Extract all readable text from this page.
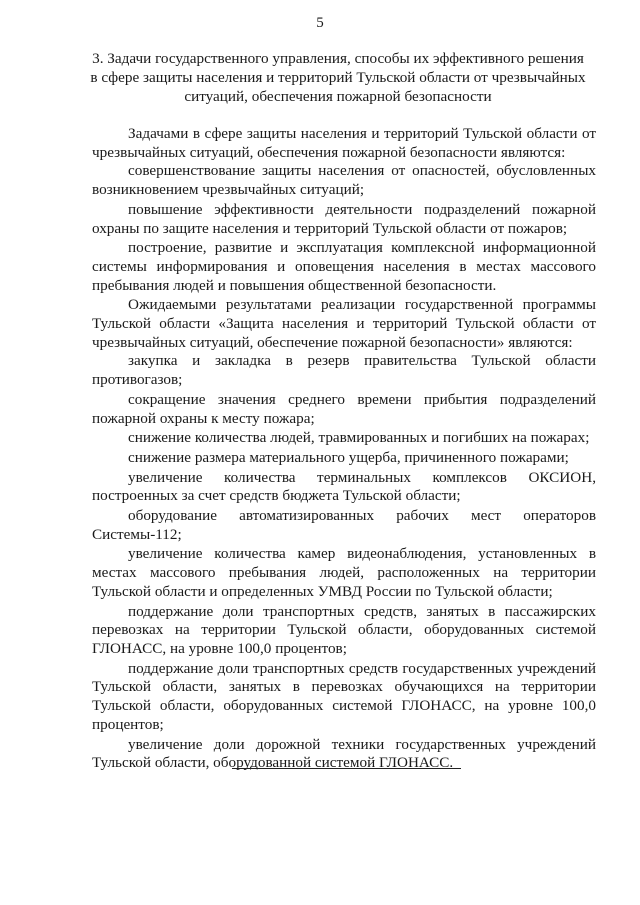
5
3. Задачи государственного управления, способы их эффективного решения в сфере защиты населения и территорий Тульской области от чрезвычайных ситуаций, обеспечения пожарной безопасности

Задачами в сфере защиты населения и территорий Тульской области от чрезвычайных ситуаций, обеспечения пожарной безопасности являются:

совершенствование защиты населения от опасностей, обусловленных возникновением чрезвычайных ситуаций;

повышение эффективности деятельности подразделений пожарной охраны по защите населения и территорий Тульской области от пожаров;

построение, развитие и эксплуатация комплексной информационной системы информирования и оповещения населения в местах массового пребывания людей и повышения общественной безопасности.

Ожидаемыми результатами реализации государственной программы Тульской области «Защита населения и территорий Тульской области от чрезвычайных ситуаций, обеспечение пожарной безопасности» являются:

закупка и закладка в резерв правительства Тульской области противогазов;

сокращение значения среднего времени прибытия подразделений пожарной охраны к месту пожара;

снижение количества людей, травмированных и погибших на пожарах;

снижение размера материального ущерба, причиненного пожарами;

увеличение количества терминальных комплексов ОКСИОН, построенных за счет средств бюджета Тульской области;

оборудование автоматизированных рабочих мест операторов Системы-112;

увеличение количества камер видеонаблюдения, установленных в местах массового пребывания людей, расположенных на территории Тульской области и определенных УМВД России по Тульской области;

поддержание доли транспортных средств, занятых в пассажирских перевозках на территории Тульской области, оборудованных системой ГЛОНАСС, на уровне 100,0 процентов;

поддержание доли транспортных средств государственных учреждений Тульской области, занятых в перевозках обучающихся на территории Тульской области, оборудованных системой ГЛОНАСС, на уровне 100,0 процентов;

увеличение доли дорожной техники государственных учреждений Тульской области, оборудованной системой ГЛОНАСС.
